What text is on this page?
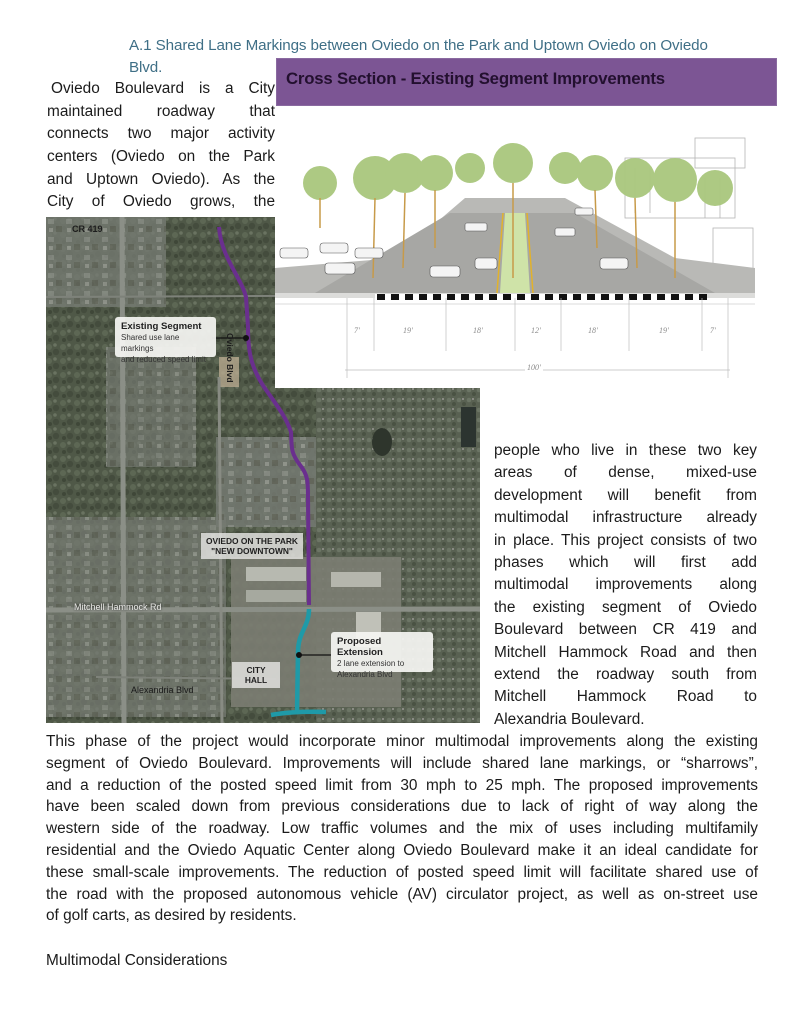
A.1 Shared Lane Markings between Oviedo on the Park and Uptown Oviedo on Oviedo
Blvd.
Oviedo Boulevard is a City
maintained roadway that
connects two major activity
centers (Oviedo on the Park
and Uptown Oviedo). As the
City of Oviedo grows, the
Cross Section - Existing Segment Improvements
CR 419
Oviedo Blvd
Mitchell Hammock Rd
Alexandria Blvd
Existing Segment
Shared use lane markings
and reduced speed limit
Proposed Extension
2 lane extension to
Alexandria Blvd
OVIEDO ON THE PARK
"NEW DOWNTOWN"
CITY HALL
7'	19'	18'	12'	18'	19'	7'
100'
people who live in these two key
areas of dense, mixed-use
development will benefit from
multimodal infrastructure already
in place. This project consists of two
phases which will first add
multimodal improvements along
the existing segment of Oviedo
Boulevard between CR 419 and
Mitchell Hammock Road and then
extend the roadway south from
Mitchell Hammock Road to
Alexandria Boulevard.
This phase of the project would incorporate minor multimodal improvements along the existing
segment of Oviedo Boulevard. Improvements will include shared lane markings, or “sharrows”,
and a reduction of the posted speed limit from 30 mph to 25 mph. The proposed improvements
have been scaled down from previous considerations due to lack of right of way along the
western side of the roadway. Low traffic volumes and the mix of uses including multifamily
residential and the Oviedo Aquatic Center along Oviedo Boulevard make it an ideal candidate for
these small-scale improvements. The reduction of posted speed limit will facilitate shared use of
the road with the proposed autonomous vehicle (AV) circulator project, as well as on-street use
of golf carts, as desired by residents.
Multimodal Considerations
